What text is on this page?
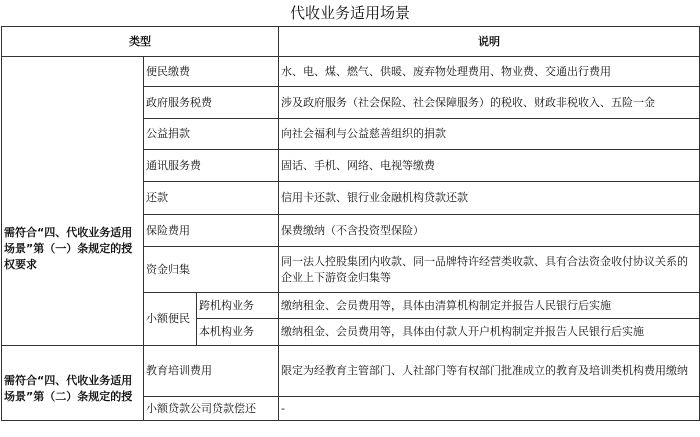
代收业务适用场景
类型			说明

需符合“四、代收业务适用场景”第（一）条规定的授权要求	便民缴费		水、电、煤、燃气、供暖、废弃物处理费用、物业费、交通出行费用
	政府服务税费		涉及政府服务（社会保险、社会保障服务）的税收、财政非税收入、五险一金
	公益捐款		向社会福利与公益慈善组织的捐款
	通讯服务费		固话、手机、网络、电视等缴费
	还款		信用卡还款、银行业金融机构贷款还款
	保险费用		保费缴纳（不含投资型保险）
	资金归集		同一法人控股集团内收款、同一品牌特许经营类收款、具有合法资金收付协议关系的企业上下游资金归集等
	小额便民	跨机构业务	缴纳租金、会员费用等，具体由清算机构制定并报告人民银行后实施
		本机构业务	缴纳租金、会员费用等，具体由付款人开户机构制定并报告人民银行后实施

需符合“四、代收业务适用场景”第（二）条规定的授	教育培训费用		限定为经教育主管部门、人社部门等有权部门批准成立的教育及培训类机构费用缴纳
	小额贷款公司贷款偿还		-
